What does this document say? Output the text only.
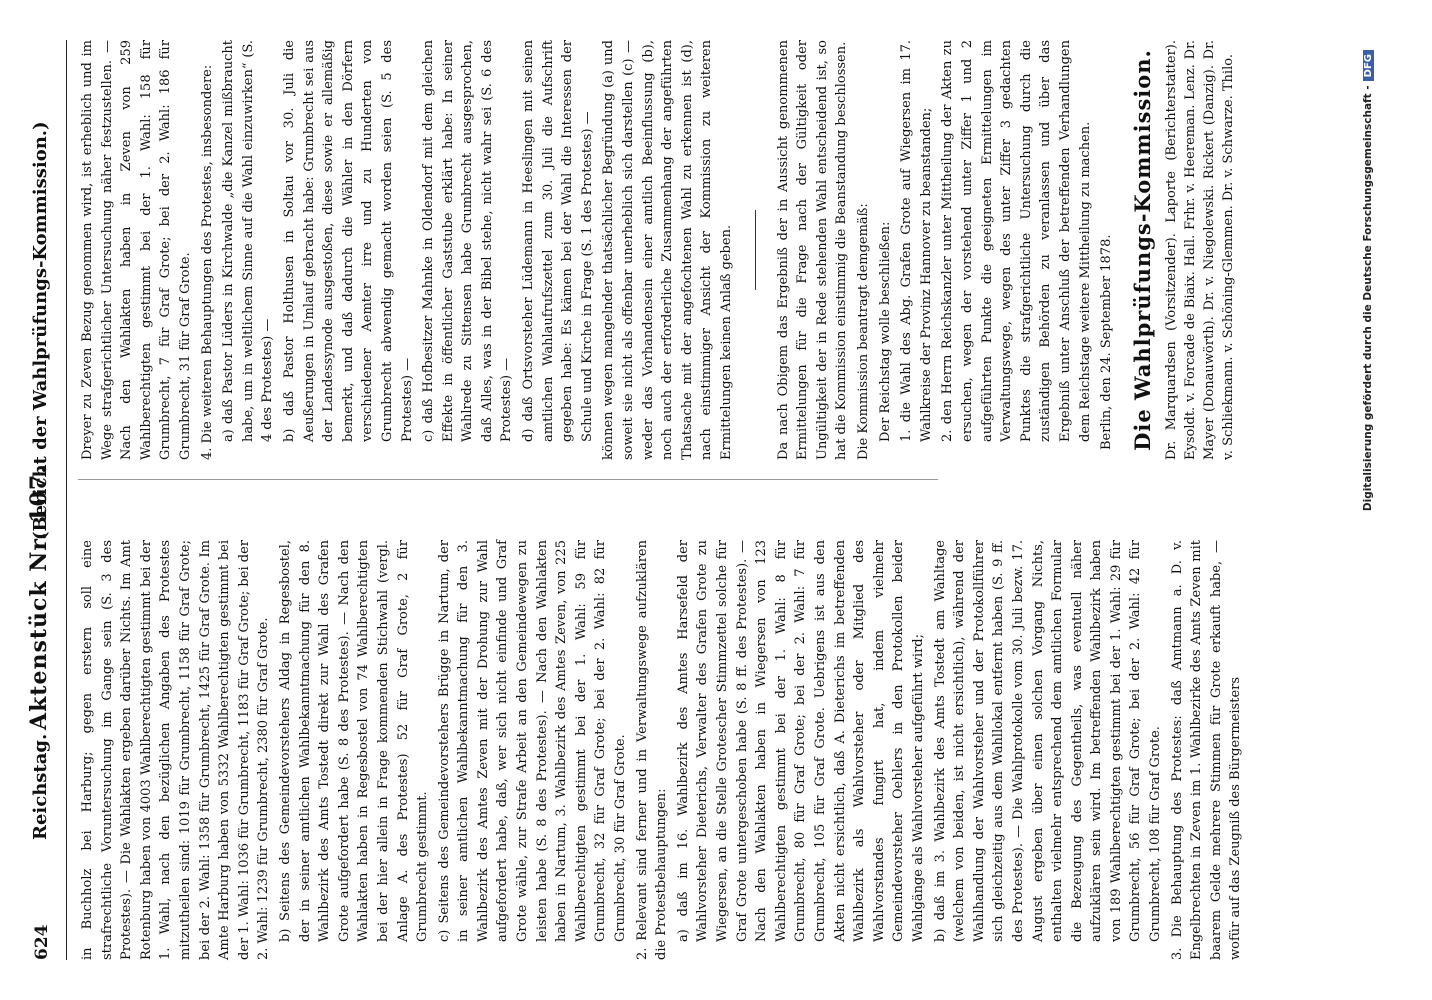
624
Reichstag.
Aktenstück Nr. 107.
(Bericht der Wahlprüfungs-Kommission.)

in Buchholz bei Harburg; gegen erstern soll eine strafrechtliche Voruntersuchung im Gange sein (S. 3 des Protestes). — Die Wahlakten ergeben darüber Nichts. Im Amt Rotenburg haben von 4003 Wahlberechtigten gestimmt bei der 1. Wahl, nach den bezüglichen Angaben des Protestes mitzutheilen sind: 1019 für Grumbrecht, 1158 für Graf Grote; bei der 2. Wahl: 1358 für Grumbrecht, 1425 für Graf Grote. Im Amte Harburg haben von 5332 Wahlberechtigten gestimmt bei der 1. Wahl: 1036 für Grumbrecht, 1183 für Graf Grote; bei der 2. Wahl: 1239 für Grumbrecht, 2380 für Graf Grote. b) Seitens des Gemeindevorstehers Aldag in Regesbostel, der in seiner amtlichen Wahlbekanntmachung für den 8. Wahlbezirk des Amts Tostedt direkt zur Wahl des Grafen Grote aufgefordert habe (S. 8 des Protestes). — Nach den Wahlakten haben in Regesbostel von 74 Wahlberechtigten bei der hier allein in Frage kommenden Stichwahl (vergl. Anlage A. des Protestes) 52 für Graf Grote, 2 für Grumbrecht gestimmt. c) Seitens des Gemeindevorstehers Brügge in Nartum, der in seiner amtlichen Wahlbekanntmachung für den 3. Wahlbezirk des Amtes Zeven mit der Drohung zur Wahl aufgefordert habe, daß, wer sich nicht einfinde und Graf Grote wähle, zur Strafe Arbeit an den Gemeindewegen zu leisten habe (S. 8 des Protestes). — Nach den Wahlakten haben in Nartum, 3. Wahlbezirk des Amtes Zeven, von 225 Wahlberechtigten gestimmt bei der 1. Wahl: 59 für Grumbrecht, 32 für Graf Grote; bei der 2. Wahl: 82 für Grumbrecht, 30 für Graf Grote. 2. Relevant sind ferner und in Verwaltungswege aufzuklären die Protestbehauptungen: a) daß im 16. Wahlbezirk des Amtes Harsefeld der Wahlvorsteher Dieterichs, Verwalter des Grafen Grote zu Wiegersen, an die Stelle Grotescher Stimmzettel solche für Graf Grote untergeschoben habe (S. 8 ff. des Protestes). — Nach den Wahlakten haben in Wiegersen von 123 Wahlberechtigten gestimmt bei der 1. Wahl: 8 für Grumbrecht, 80 für Graf Grote; bei der 2. Wahl: 7 für Grumbrecht, 105 für Graf Grote. Uebrigens ist aus den Akten nicht ersichtlich, daß A. Dieterichs im betreffenden Wahlbezirk als Wahlvorsteher oder Mitglied des Wahlvorstandes fungirt hat, indem vielmehr Gemeindevorsteher Oehlers in den Protokollen beider Wahlgänge als Wahlvorsteher aufgeführt wird; b) daß im 3. Wahlbezirk des Amts Tostedt am Wahltage (welchem von beiden, ist nicht ersichtlich), während der Wahlhandlung der Wahlvorsteher und der Protokollführer sich gleichzeitig aus dem Wahllokal entfernt haben (S. 9 ff. des Protestes). — Die Wahlprotokolle vom 30. Juli bezw. 17. August ergeben über einen solchen Vorgang Nichts, enthalten vielmehr entsprechend dem amtlichen Formular die Bezeugung des Gegentheils, was eventuell näher aufzuklären sein wird. Im betreffenden Wahlbezirk haben von 189 Wahlberechtigten gestimmt bei der 1. Wahl: 29 für Grumbrecht, 56 für Graf Grote; bei der 2. Wahl: 42 für Grumbrecht, 108 für Graf Grote. 3. Die Behauptung des Protestes: daß Amtmann a. D. v. Engelbrechten in Zeven im 1. Wahlbezirke des Amts Zeven mit baarem Gelde mehrere Stimmen für Grote erkauft habe, — wofür auf das Zeugniß des Bürgermeisters

Dreyer zu Zeven Bezug genommen wird, ist erheblich und im Wege strafgerichtlicher Untersuchung näher festzustellen. — Nach den Wahlakten haben in Zeven von 259 Wahlberechtigten gestimmt bei der 1. Wahl: 158 für Grumbrecht, 7 für Graf Grote; bei der 2. Wahl: 186 für Grumbrecht, 31 für Graf Grote. 4. Die weiteren Behauptungen des Protestes, insbesondere: a) daß Pastor Lüders in Kirchwalde „die Kanzel mißbraucht habe, um in weltlichem Sinne auf die Wahl einzuwirken“ (S. 4 des Protestes) — b) daß Pastor Holthusen in Soltau vor 30. Juli die Aeußerungen in Umlauf gebracht habe: Grumbrecht sei aus der Landessynode ausgestoßen, diese sowie er allemäßig bemerkt, und daß dadurch die Wähler in den Dörfern verschiedener Aemter irre und zu Hunderten von Grumbrecht abwendig gemacht worden seien (S. 5 des Protestes) — c) daß Hofbesitzer Mahnke in Oldendorf mit dem gleichen Effekte in öffentlicher Gaststube erklärt habe: In seiner Wahlrede zu Sittensen habe Grumbrecht ausgesprochen, daß Alles, was in der Bibel stehe, nicht wahr sei (S. 6 des Protestes) — d) daß Ortsvorsteher Lüdemann in Heeslingen mit seinen amtlichen Wahlaufrufszettel zum 30. Juli die Aufschrift gegeben habe: Es kämen bei der Wahl die Interessen der Schule und Kirche in Frage (S. 1 des Protestes) — können wegen mangelnder thatsächlicher Begründung (a) und soweit sie nicht als offenbar unerheblich sich darstellen (c) — weder das Vorhandensein einer amtlich Beeinflussung (b), noch auch der erforderliche Zusammenhang der angeführten Thatsache mit der angefochtenen Wahl zu erkennen ist (d), nach einstimmiger Ansicht der Kommission zu weiteren Ermittelungen keinen Anlaß geben.	Da nach Obigem das Ergebniß der in Aussicht genommenen Ermittelungen für die Frage nach der Gültigkeit oder Ungültigkeit der in Rede stehenden Wahl entscheidend ist, so hat die Kommission einstimmig die Beanstandung beschlossen. Die Kommission beantragt demgemäß: Der Reichstag wolle beschließen: 1. die Wahl des Abg. Grafen Grote auf Wiegersen im 17. Wahlkreise der Provinz Hannover zu beanstanden; 2. den Herrn Reichskanzler unter Mittheilung der Akten zu ersuchen, wegen der vorstehend unter Ziffer 1 und 2 aufgeführten Punkte die geeigneten Ermittelungen im Verwaltungswege, wegen des unter Ziffer 3 gedachten Punktes die strafgerichtliche Untersuchung durch die zuständigen Behörden zu veranlassen und über das Ergebniß unter Anschluß der betreffenden Verhandlungen dem Reichstage weitere Mittheilung zu machen. Berlin, den 24. September 1878. Die Wahlprüfungs-Kommission. Dr. Marquardsen (Vorsitzender). Laporte (Berichterstatter). Eysoldt. v. Forcade de Biaix. Hall. Frhr. v. Heereman. Lenz. Dr. Mayer (Donauwörth). Dr. v. Niegolewski. Rickert (Danzig). Dr. v. Schliekmann. v. Schöning-Glemmen. Dr. v. Schwarze. Thilo.	Digitalisierung gefördert durch die Deutsche Forschungsgemeinschaft -DFG
